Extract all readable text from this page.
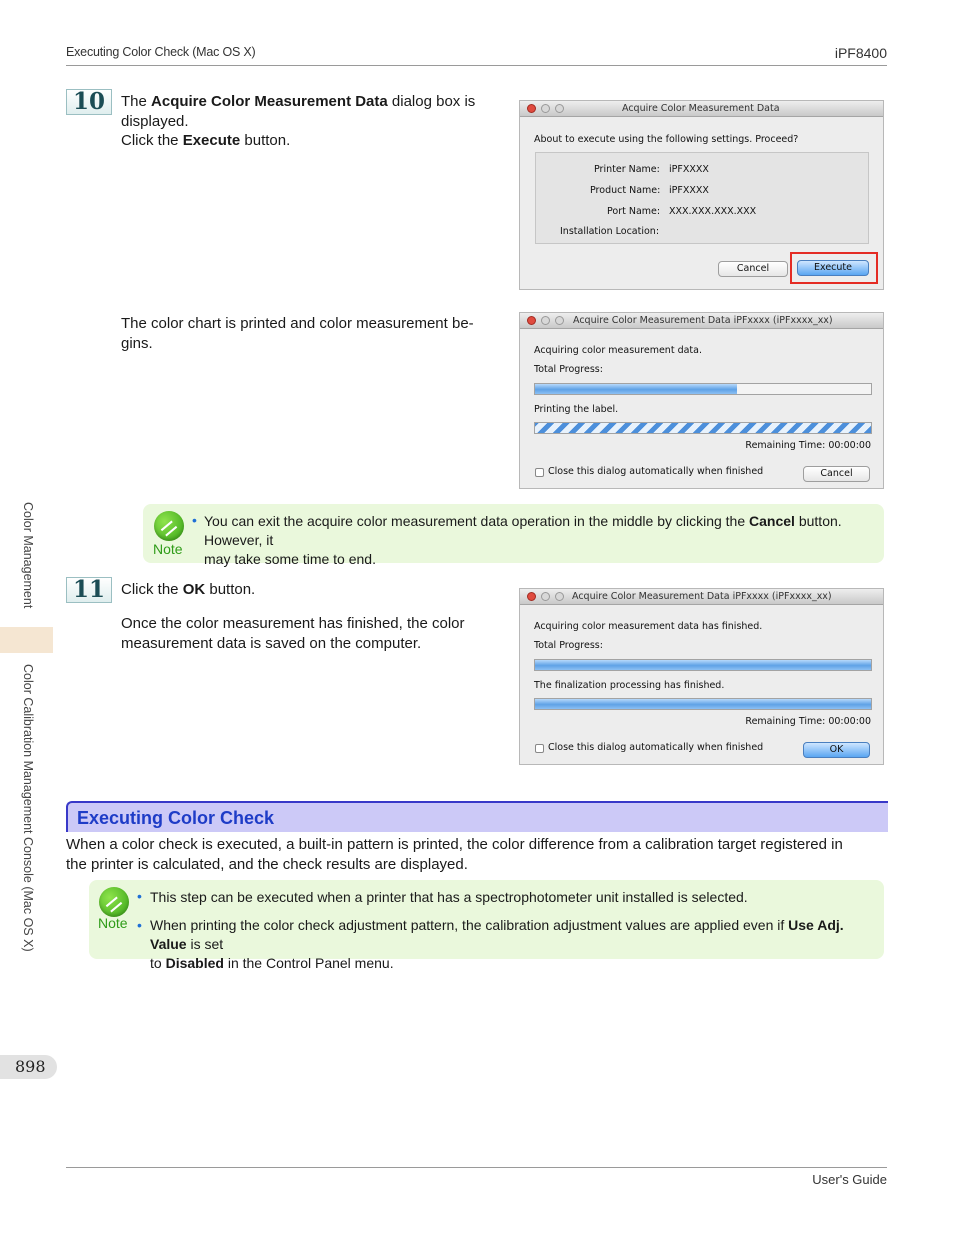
Executing Color Check (Mac OS X)	iPF8400
User's Guide
Color Management
Color Calibration Management Console (Mac OS X)
898
10	The Acquire Color Measurement Data dialog box is
displayed.
Click the Execute button.
Acquire Color Measurement Data
About to execute using the following settings. Proceed?
Printer Name: iPFXXXX
Product Name: iPFXXXX
Port Name: XXX.XXX.XXX.XXX
Installation Location:
Cancel	Execute
The color chart is printed and color measurement be-
gins.
Acquire Color Measurement Data iPFxxxx (iPFxxxx_xx)
Acquiring color measurement data.
Total Progress:
Printing the label.
Remaining Time: 00:00:00
Close this dialog automatically when finished	Cancel
Note
• You can exit the acquire color measurement data operation in the middle by clicking the Cancel button. However, it
may take some time to end.
11	Click the OK button.
Once the color measurement has finished, the color
measurement data is saved on the computer.
Acquire Color Measurement Data iPFxxxx (iPFxxxx_xx)
Acquiring color measurement data has finished.
Total Progress:
The finalization processing has finished.
Remaining Time: 00:00:00
Close this dialog automatically when finished	OK
Executing Color Check
When a color check is executed, a built-in pattern is printed, the color difference from a calibration target registered in
the printer is calculated, and the check results are displayed.
Note
• This step can be executed when a printer that has a spectrophotometer unit installed is selected.
• When printing the color check adjustment pattern, the calibration adjustment values are applied even if Use Adj. Value is set
to Disabled in the Control Panel menu.
